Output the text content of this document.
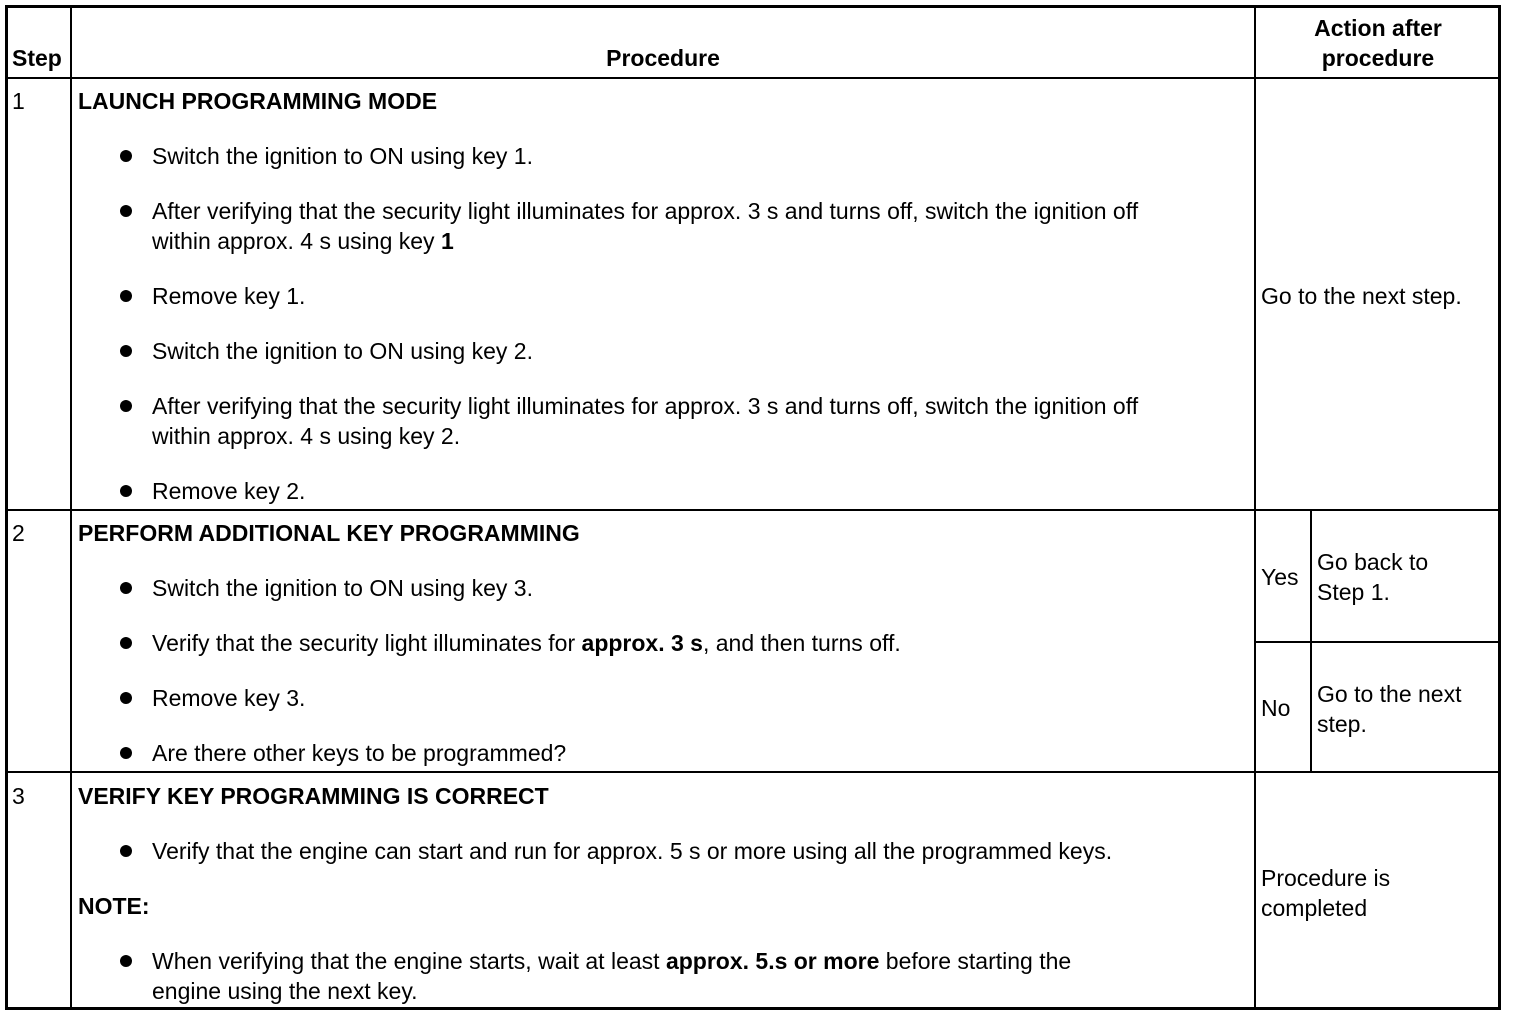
Step	Procedure
Action after
procedure
1 LAUNCH PROGRAMMING MODE
Switch the ignition to ON using key 1.
After verifying that the security light illuminates for approx. 3 s and turns off, switch the ignition off
within approx. 4 s using key 1
Remove key 1.
Switch the ignition to ON using key 2.
After verifying that the security light illuminates for approx. 3 s and turns off, switch the ignition off
within approx. 4 s using key 2.
Remove key 2.
Go to the next step.
2 PERFORM ADDITIONAL KEY PROGRAMMING
Switch the ignition to ON using key 3.
Verify that the security light illuminates for approx. 3 s, and then turns off.
Remove key 3.
Are there other keys to be programmed?
Yes
Go back to
Step 1.
No
Go to the next
step.
3 VERIFY KEY PROGRAMMING IS CORRECT
Verify that the engine can start and run for approx. 5 s or more using all the programmed keys.
NOTE:
When verifying that the engine starts, wait at least approx. 5.s or more before starting the
engine using the next key.
Procedure is
completed
